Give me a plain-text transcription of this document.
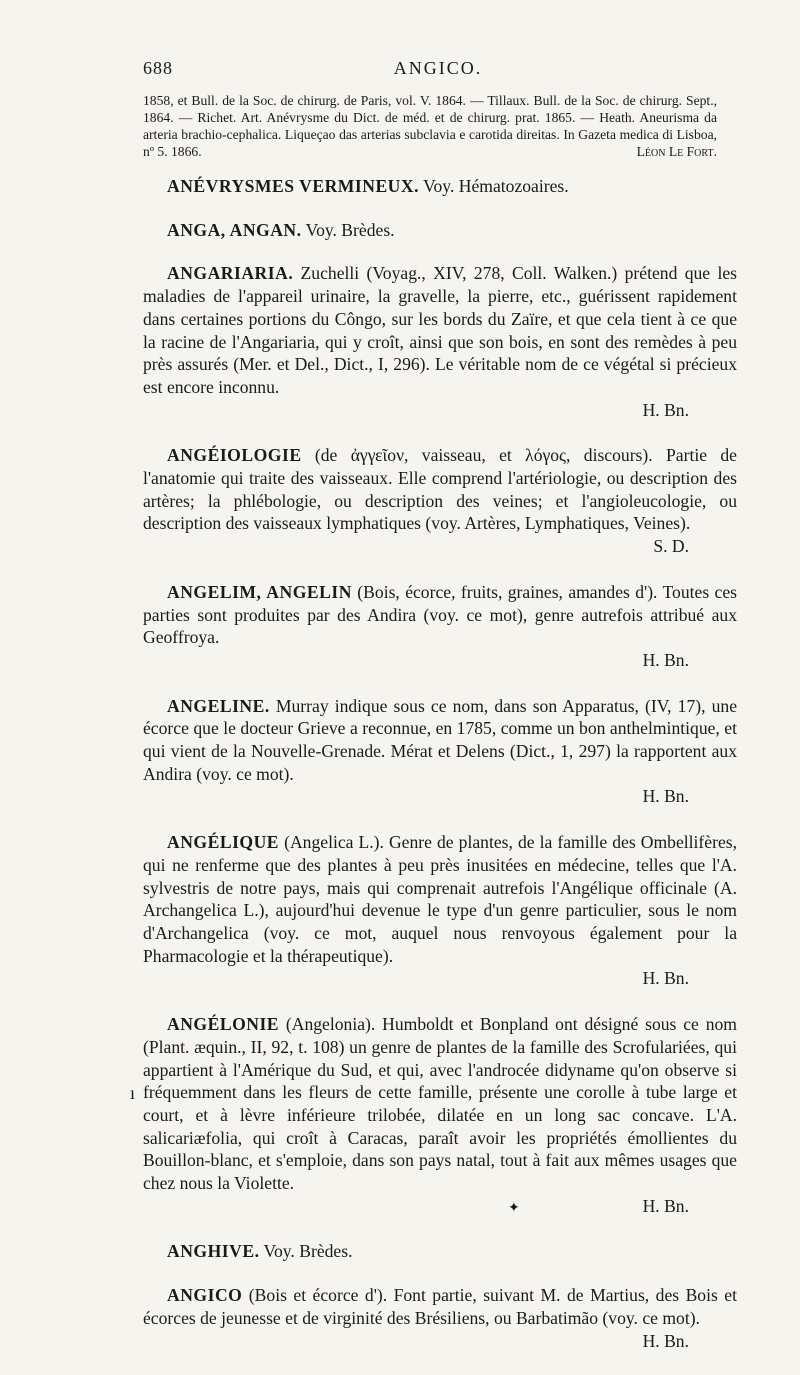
688	ANGICO.

1858, et Bull. de la Soc. de chirurg. de Paris, vol. V. 1864. — Tillaux. Bull. de la Soc. de chirurg. Sept., 1864. — Richet. Art. Anévrysme du Dict. de méd. et de chirurg. prat. 1865. — Heath. Aneurisma da arteria brachio-cephalica. Liqueçao das arterias subclavia e carotida direitas. In Gazeta medica di Lisboa, nº 5. 1866.	Léon Le Fort.

ANÉVRYSMES VERMINEUX. Voy. Hématozoaires.

ANGA, ANGAN. Voy. Brèdes.

ANGARIARIA. Zuchelli (Voyag., XIV, 278, Coll. Walken.) prétend que les maladies de l'appareil urinaire, la gravelle, la pierre, etc., guérissent rapidement dans certaines portions du Côngo, sur les bords du Zaïre, et que cela tient à ce que la racine de l'Angariaria, qui y croît, ainsi que son bois, en sont des remèdes à peu près assurés (Mer. et Del., Dict., I, 296). Le véritable nom de ce végétal si précieux est encore inconnu.
H. Bn.

ANGÉIOLOGIE (de ἀγγεῖον, vaisseau, et λόγος, discours). Partie de l'anatomie qui traite des vaisseaux. Elle comprend l'artériologie, ou description des artères; la phlébologie, ou description des veines; et l'angioleucologie, ou description des vaisseaux lymphatiques (voy. Artères, Lymphatiques, Veines).
S. D.

ANGELIM, ANGELIN (Bois, écorce, fruits, graines, amandes d'). Toutes ces parties sont produites par des Andira (voy. ce mot), genre autrefois attribué aux Geoffroya.
H. Bn.

ANGELINE. Murray indique sous ce nom, dans son Apparatus, (IV, 17), une écorce que le docteur Grieve a reconnue, en 1785, comme un bon anthelmintique, et qui vient de la Nouvelle-Grenade. Mérat et Delens (Dict., 1, 297) la rapportent aux Andira (voy. ce mot).
H. Bn.

ANGÉLIQUE (Angelica L.). Genre de plantes, de la famille des Ombellifères, qui ne renferme que des plantes à peu près inusitées en médecine, telles que l'A. sylvestris de notre pays, mais qui comprenait autrefois l'Angélique officinale (A. Archangelica L.), aujourd'hui devenue le type d'un genre particulier, sous le nom d'Archangelica (voy. ce mot, auquel nous renvoyous également pour la Pharmacologie et la thérapeutique).
H. Bn.

ANGÉLONIE (Angelonia). Humboldt et Bonpland ont désigné sous ce nom (Plant. æquin., II, 92, t. 108) un genre de plantes de la famille des Scrofulariées, qui appartient à l'Amérique du Sud, et qui, avec l'androcée didyname qu'on observe si fréquemment dans les fleurs de cette famille, présente une corolle à tube large et court, et à lèvre inférieure trilobée, dilatée en un long sac concave. L'A. salicariæfolia, qui croît à Caracas, paraît avoir les propriétés émollientes du Bouillon-blanc, et s'emploie, dans son pays natal, tout à fait aux mêmes usages que chez nous la Violette.
H. Bn.

ANGHIVE. Voy. Brèdes.

ANGICO (Bois et écorce d'). Font partie, suivant M. de Martius, des Bois et écorces de jeunesse et de virginité des Brésiliens, ou Barbatimão (voy. ce mot).
H. Bn.

ı
✦
